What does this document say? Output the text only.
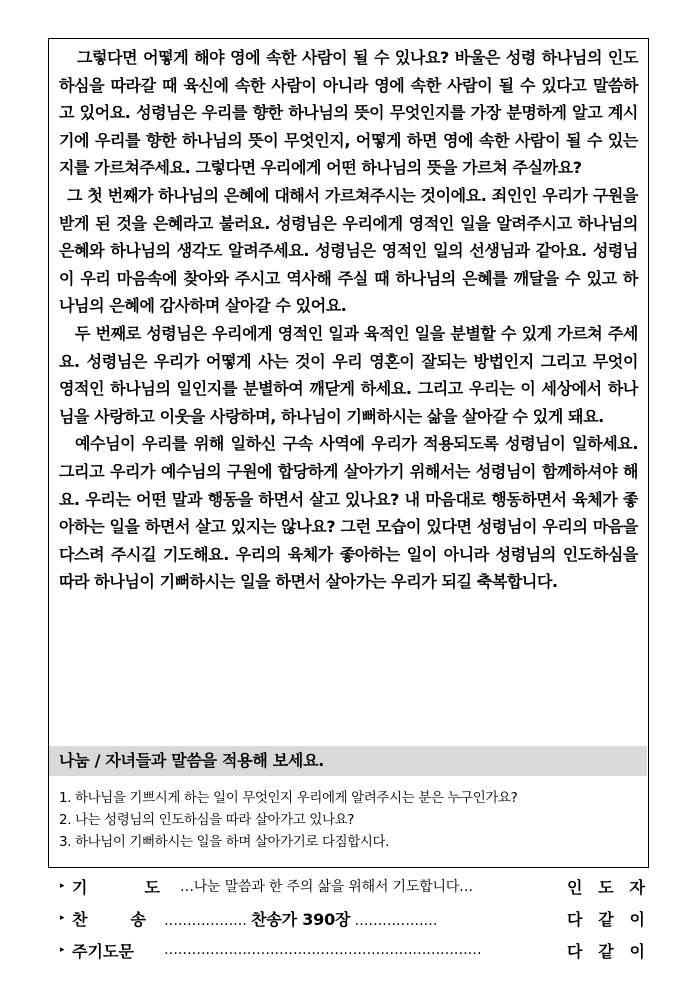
그렇다면 어떻게 해야 영에 속한 사람이 될 수 있나요? 바울은 성령 하나님의 인도하심을 따라갈 때 육신에 속한 사람이 아니라 영에 속한 사람이 될 수 있다고 말씀하고 있어요. 성령님은 우리를 향한 하나님의 뜻이 무엇인지를 가장 분명하게 알고 계시기에 우리를 향한 하나님의 뜻이 무엇인지, 어떻게 하면 영에 속한 사람이 될 수 있는지를 가르쳐주세요. 그렇다면 우리에게 어떤 하나님의 뜻을 가르쳐 주실까요?

그 첫 번째가 하나님의 은혜에 대해서 가르쳐주시는 것이에요. 죄인인 우리가 구원을 받게 된 것을 은혜라고 불러요. 성령님은 우리에게 영적인 일을 알려주시고 하나님의 은혜와 하나님의 생각도 알려주세요. 성령님은 영적인 일의 선생님과 같아요. 성령님이 우리 마음속에 찾아와 주시고 역사해 주실 때 하나님의 은혜를 깨달을 수 있고 하나님의 은혜에 감사하며 살아갈 수 있어요.

두 번째로 성령님은 우리에게 영적인 일과 육적인 일을 분별할 수 있게 가르쳐 주세요. 성령님은 우리가 어떻게 사는 것이 우리 영혼이 잘되는 방법인지 그리고 무엇이 영적인 하나님의 일인지를 분별하여 깨닫게 하세요. 그리고 우리는 이 세상에서 하나님을 사랑하고 이웃을 사랑하며, 하나님이 기뻐하시는 삶을 살아갈 수 있게 돼요.

예수님이 우리를 위해 일하신 구속 사역에 우리가 적용되도록 성령님이 일하세요. 그리고 우리가 예수님의 구원에 합당하게 살아가기 위해서는 성령님이 함께하셔야 해요. 우리는 어떤 말과 행동을 하면서 살고 있나요? 내 마음대로 행동하면서 육체가 좋아하는 일을 하면서 살고 있지는 않나요? 그런 모습이 있다면 성령님이 우리의 마음을 다스려 주시길 기도해요. 우리의 육체가 좋아하는 일이 아니라 성령님의 인도하심을 따라 하나님이 기뻐하시는 일을 하면서 살아가는 우리가 되길 축복합니다.

나눔 / 자녀들과 말씀을 적용해 보세요.
1. 하나님을 기쁘시게 하는 일이 무엇인지 우리에게 알려주시는 분은 누구인가요?
2. 나는 성령님의 인도하심을 따라 살아가고 있나요?
3. 하나님이 기뻐하시는 일을 하며 살아가기로 다짐합시다.
▸ 기	도	…나눈 말씀과 한 주의 삶을 위해서 기도합니다…	인 도 자
▸ 찬	송 ……………… 찬송가 390장 ………………	다 같 이
▸ 주 기 도 문 ……………………………………………………………	다 같 이
